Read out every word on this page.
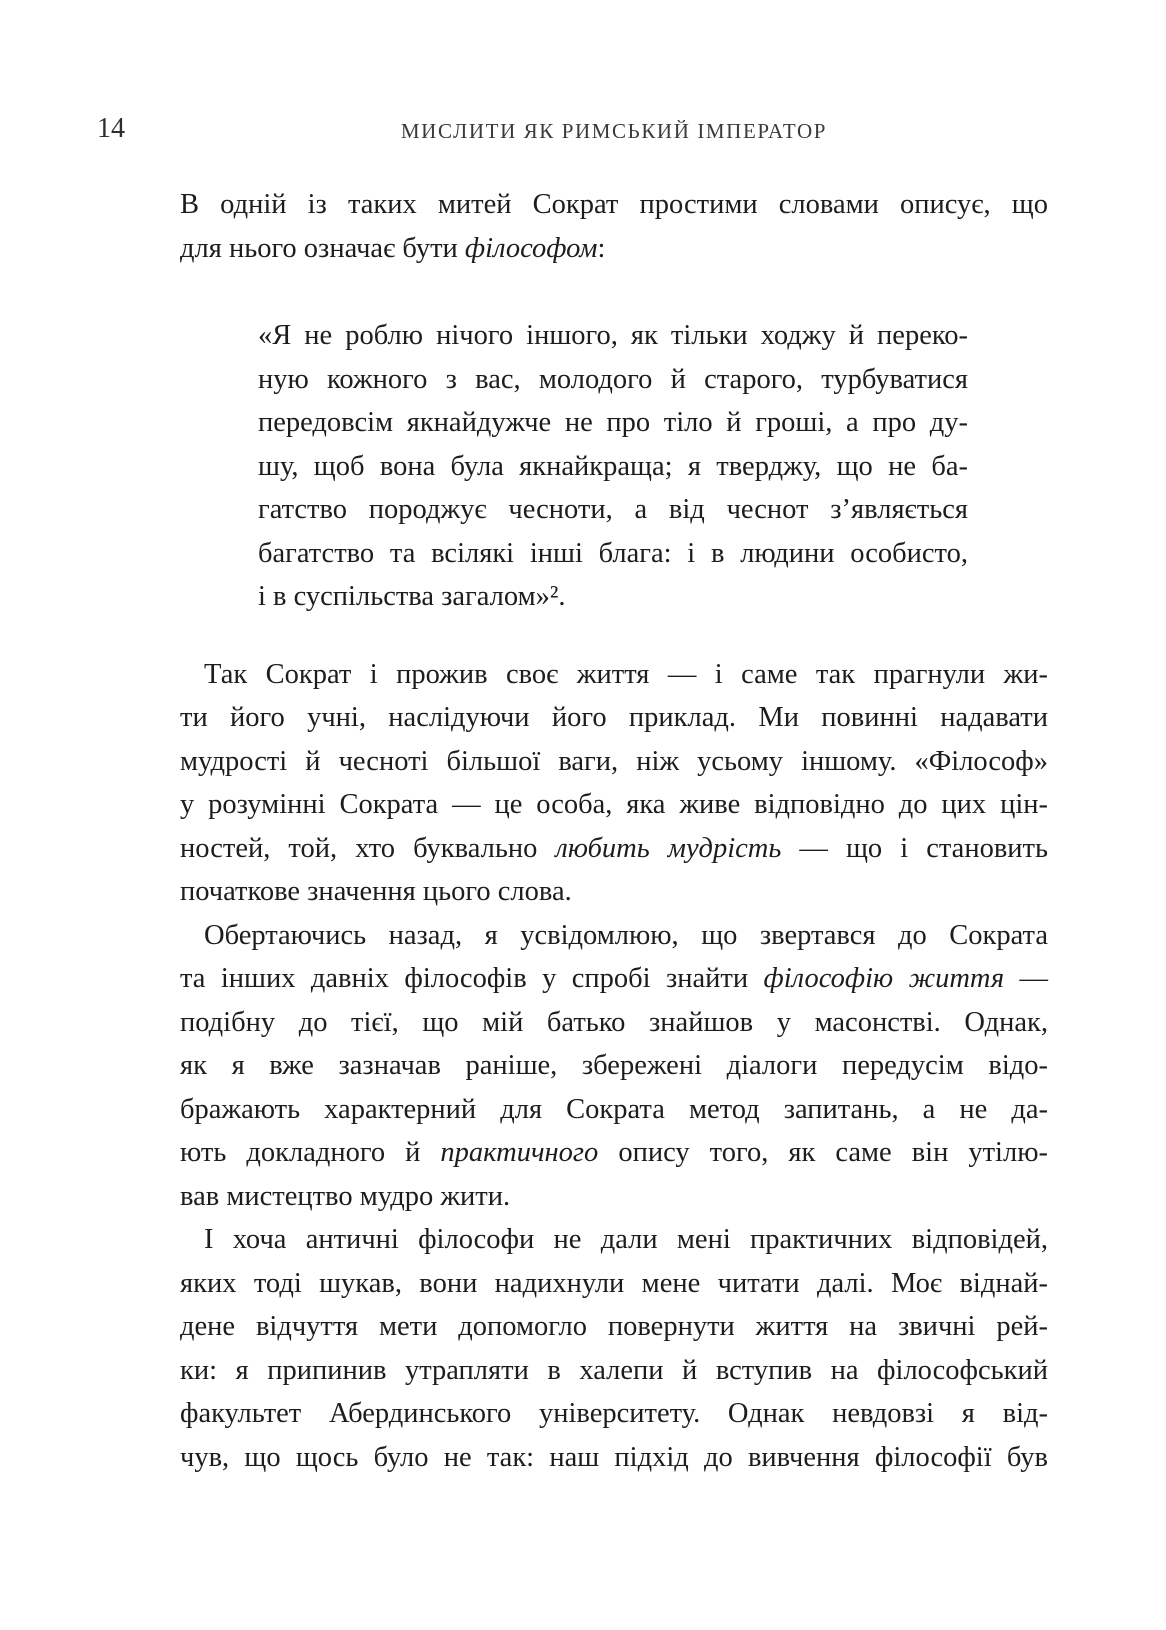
14	МИСЛИТИ ЯК РИМСЬКИЙ ІМПЕРАТОР

В одній із таких митей Сократ простими словами описує, що
для нього означає бути філософом:

«Я не роблю нічого іншого, як тільки ходжу й переко-
ную кожного з вас, молодого й старого, турбуватися
передовсім якнайдужче не про тіло й гроші, а про ду-
шу, щоб вона була якнайкраща; я тверджу, що не ба-
гатство породжує чесноти, а від чеснот з’являється
багатство та всілякі інші блага: і в людини особисто,
і в суспільства загалом»².

Так Сократ і прожив своє життя — і саме так прагнули жи-
ти його учні, наслідуючи його приклад. Ми повинні надавати
мудрості й чесноті більшої ваги, ніж усьому іншому. «Філософ»
у розумінні Сократа — це особа, яка живе відповідно до цих цін-
ностей, той, хто буквально любить мудрість — що і становить
початкове значення цього слова.

Обертаючись назад, я усвідомлюю, що звертався до Сократа
та інших давніх філософів у спробі знайти філософію життя —
подібну до тієї, що мій батько знайшов у масонстві. Однак,
як я вже зазначав раніше, збережені діалоги передусім відо-
бражають характерний для Сократа метод запитань, а не да-
ють докладного й практичного опису того, як саме він утілю-
вав мистецтво мудро жити.

І хоча античні філософи не дали мені практичних відповідей,
яких тоді шукав, вони надихнули мене читати далі. Моє віднай-
дене відчуття мети допомогло повернути життя на звичні рей-
ки: я припинив утрапляти в халепи й вступив на філософський
факультет Абердинського університету. Однак невдовзі я від-
чув, що щось було не так: наш підхід до вивчення філософії був
